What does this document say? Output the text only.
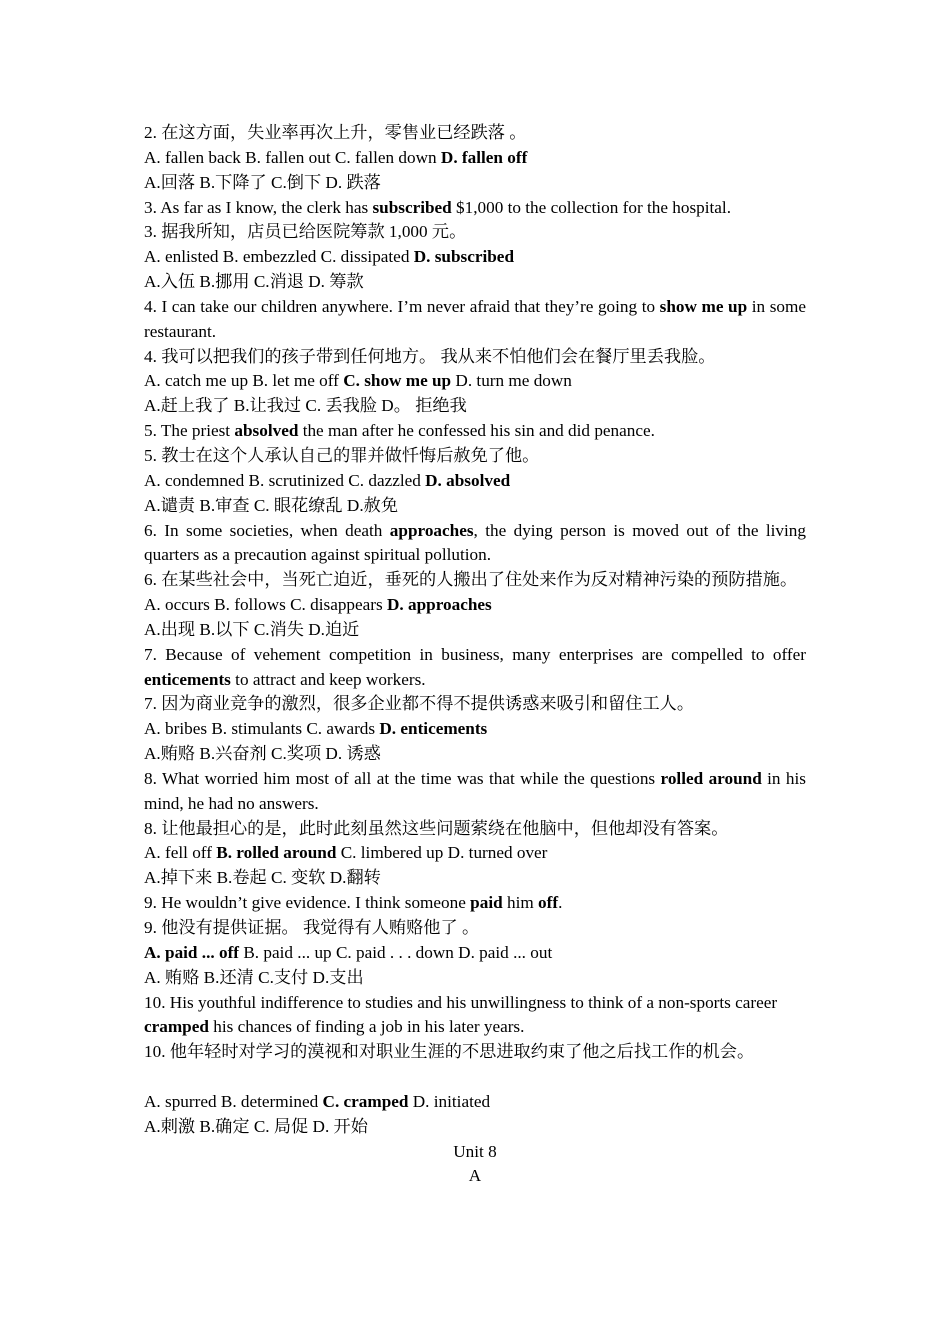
2. 在这方面，失业率再次上升，零售业已经跌落 。

A. fallen back B. fallen out C. fallen down D. fallen off

A.回落 B.下降了 C.倒下 D. 跌落

3. As far as I know, the clerk has subscribed $1,000 to the collection for the hospital.

3. 据我所知，店员已给医院筹款 1,000 元。

A. enlisted B. embezzled C. dissipated D. subscribed

A.入伍 B.挪用 C.消退 D. 筹款

4. I can take our children anywhere. I’m never afraid that they’re going to show me up in some restaurant.

4. 我可以把我们的孩子带到任何地方。 我从来不怕他们会在餐厅里丢我脸。

A. catch me up B. let me off C. show me up D. turn me down

A.赶上我了 B.让我过 C. 丢我脸 D。 拒绝我

5. The priest absolved the man after he confessed his sin and did penance.

5. 教士在这个人承认自己的罪并做忏悔后赦免了他。

A. condemned B. scrutinized C. dazzled D. absolved

A.谴责 B.审查 C. 眼花缭乱 D.赦免

6. In some societies, when death approaches, the dying person is moved out of the living quarters as a precaution against spiritual pollution.

6. 在某些社会中，当死亡迫近，垂死的人搬出了住处来作为反对精神污染的预防措施。

A. occurs B. follows C. disappears D. approaches

A.出现 B.以下 C.消失 D.迫近

7. Because of vehement competition in business, many enterprises are compelled to offer enticements to attract and keep workers.

7. 因为商业竞争的激烈，很多企业都不得不提供诱惑来吸引和留住工人。

A. bribes B. stimulants C. awards D. enticements

A.贿赂 B.兴奋剂 C.奖项 D. 诱惑

8. What worried him most of all at the time was that while the questions rolled around in his mind, he had no answers.

8. 让他最担心的是，此时此刻虽然这些问题萦绕在他脑中，但他却没有答案。

A. fell off B. rolled around C. limbered up D. turned over

A.掉下来 B.卷起 C. 变软 D.翻转

9. He wouldn’t give evidence. I think someone paid him off.

9. 他没有提供证据。 我觉得有人贿赂他了 。

A. paid ... off B. paid ... up C. paid . . . down D. paid ... out

A. 贿赂 B.还清 C.支付 D.支出

10. His youthful indifference to studies and his unwillingness to think of a non-sports career cramped his chances of finding a job in his later years.

10. 他年轻时对学习的漠视和对职业生涯的不思进取约束了他之后找工作的机会。

A. spurred B. determined C. cramped D. initiated

A.刺激 B.确定 C. 局促 D. 开始

Unit 8

A
